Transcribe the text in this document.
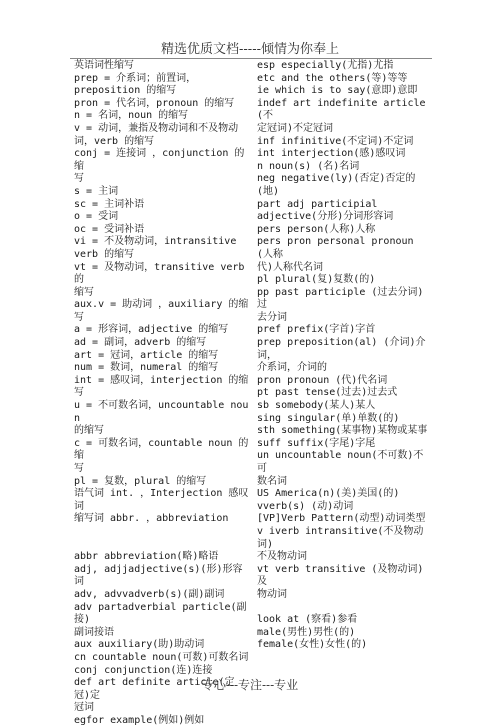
精选优质文档-----倾情为你奉上
英语词性缩写
prep = 介系词；前置词，
preposition 的缩写
pron = 代名词，pronoun 的缩写
n = 名词，noun 的缩写
v = 动词，兼指及物动词和不及物动
词，verb 的缩写
conj = 连接词 ，conjunction 的缩
写
s = 主词
sc = 主词补语
o = 受词
oc = 受词补语
vi = 不及物动词，intransitive
verb 的缩写
vt = 及物动词，transitive verb 的
缩写
aux.v = 助动词 ，auxiliary 的缩写
a = 形容词，adjective 的缩写
ad = 副词，adverb 的缩写
art = 冠词，article 的缩写
num = 数词，numeral 的缩写
int = 感叹词，interjection 的缩写
u = 不可数名词，uncountable noun
的缩写
c = 可数名词，countable noun 的缩
写
pl = 复数，plural 的缩写
语气词 int. ，Interjection 感叹
词
缩写词 abbr. ，abbreviation
abbr abbreviation(略)略语
adj, adjjadjective(s)(形)形容词
adv, advvadverb(s)(副)副词
adv partadverbial particle(副接)
副词接语
aux auxiliary(助)助动词
cn countable noun(可数)可数名词
conj conjunction(连)连接
def art definite article(定冠)定
冠词
egfor example(例如)例如
esp especially(尤指)尤指
etc and the others(等)等等
ie which is to say(意即)意即
indef art indefinite article(不
定冠词)不定冠词
inf infinitive(不定词)不定词
int interjection(感)感叹词
n noun(s) (名)名词
neg negative(ly)(否定)否定的(地)
part adj participial
adjective(分形)分词形容词
pers person(人称)人称
pers pron personal pronoun(人称
代)人称代名词
pl plural(复)复数(的)
pp past participle (过去分词)过
去分词
pref prefix(字首)字首
prep preposition(al) (介词)介词，
介系词，介词的
pron pronoun (代)代名词
pt past tense(过去)过去式
sb somebody(某人)某人
sing singular(单)单数(的)
sth something(某事物)某物或某事
suff suffix(字尾)字尾
un uncountable noun(不可数)不可
数名词
US America(n)(美)美国(的)
vverb(s) (动)动词
[VP]Verb Pattern(动型)动词类型
v iverb intransitive(不及物动词)
不及物动词
vt verb transitive (及物动词)及
物动词
look at (察看)参看
male(男性)男性(的)
female(女性)女性(的)
专心---专注---专业
